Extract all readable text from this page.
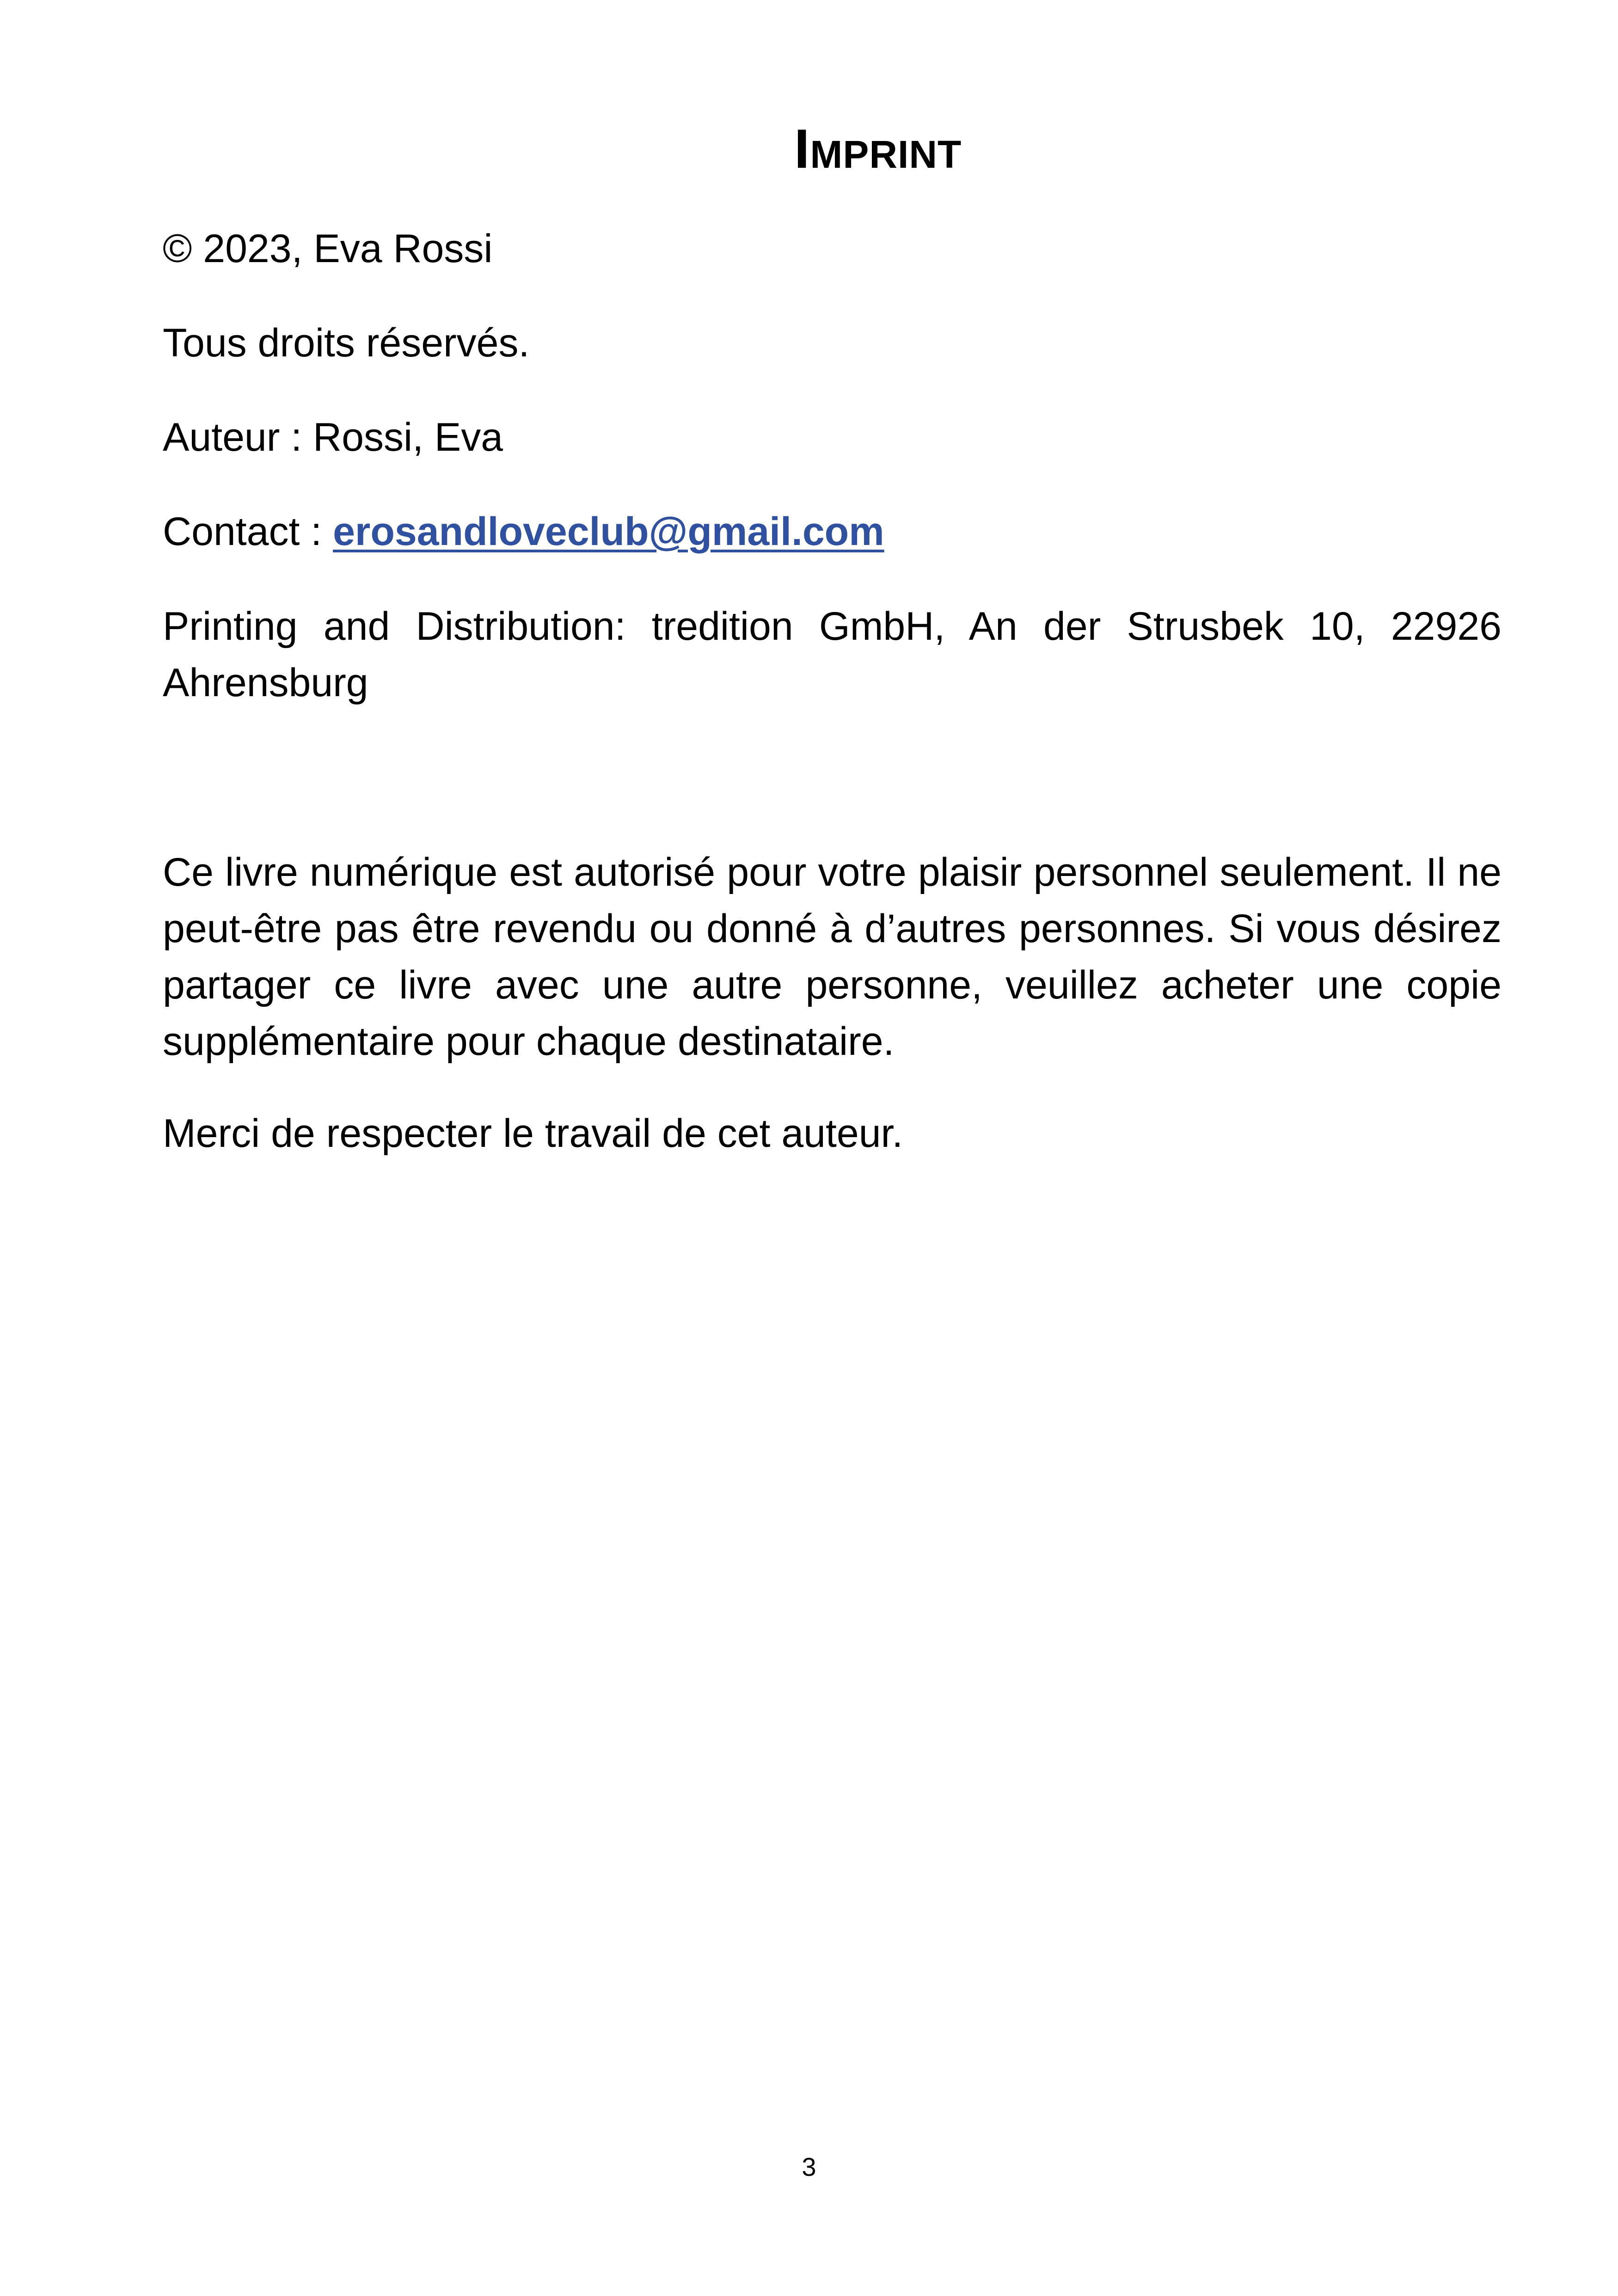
Imprint
© 2023, Eva Rossi
Tous droits réservés.
Auteur : Rossi, Eva
Contact : erosandloveclub@gmail.com
Printing and Distribution: tredition GmbH, An der Strusbek 10, 22926 Ahrensburg
Ce livre numérique est autorisé pour votre plaisir personnel seulement. Il ne peut-être pas être revendu ou donné à d’autres personnes. Si vous désirez partager ce livre avec une autre personne, veuillez acheter une copie supplémentaire pour chaque destinataire.
Merci de respecter le travail de cet auteur.
3
